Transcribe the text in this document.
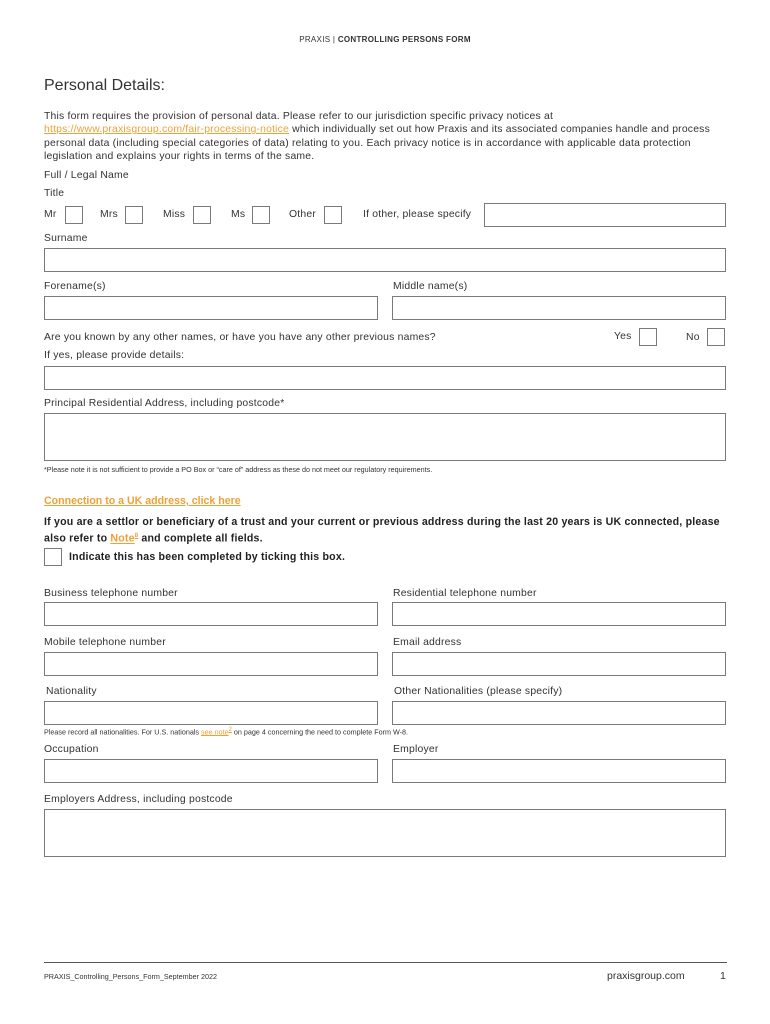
PRAXIS | CONTROLLING PERSONS FORM
Personal Details:
This form requires the provision of personal data. Please refer to our jurisdiction specific privacy notices at
https://www.praxisgroup.com/fair-processing-notice which individually set out how Praxis and its associated companies handle and process personal data (including special categories of data) relating to you. Each privacy notice is in accordance with applicable data protection legislation and explains your rights in terms of the same.
Full / Legal Name
Title
Mr	Mrs	Miss	Ms	Other	If other, please specify
Surname
Forename(s)	Middle name(s)
Are you known by any other names, or have you have any other previous names?	Yes	No
If yes, please provide details:
Principal Residential Address, including postcode*
*Please note it is not sufficient to provide a PO Box or “care of” address as these do not meet our regulatory requirements.
Connection to a UK address, click here
If you are a settlor or beneficiary of a trust and your current or previous address during the last 20 years is UK connected, please also refer to Note$^8$ and complete all fields.
Indicate this has been completed by ticking this box.
Business telephone number	Residential telephone number
Mobile telephone number	Email address
Nationality	Other Nationalities (please specify)
Please record all nationalities. For U.S. nationals see note$^2$ on page 4 concerning the need to complete Form W-8.
Occupation	Employer
Employers Address, including postcode
PRAXIS_Controlling_Persons_Form_September 2022	praxisgroup.com	1
